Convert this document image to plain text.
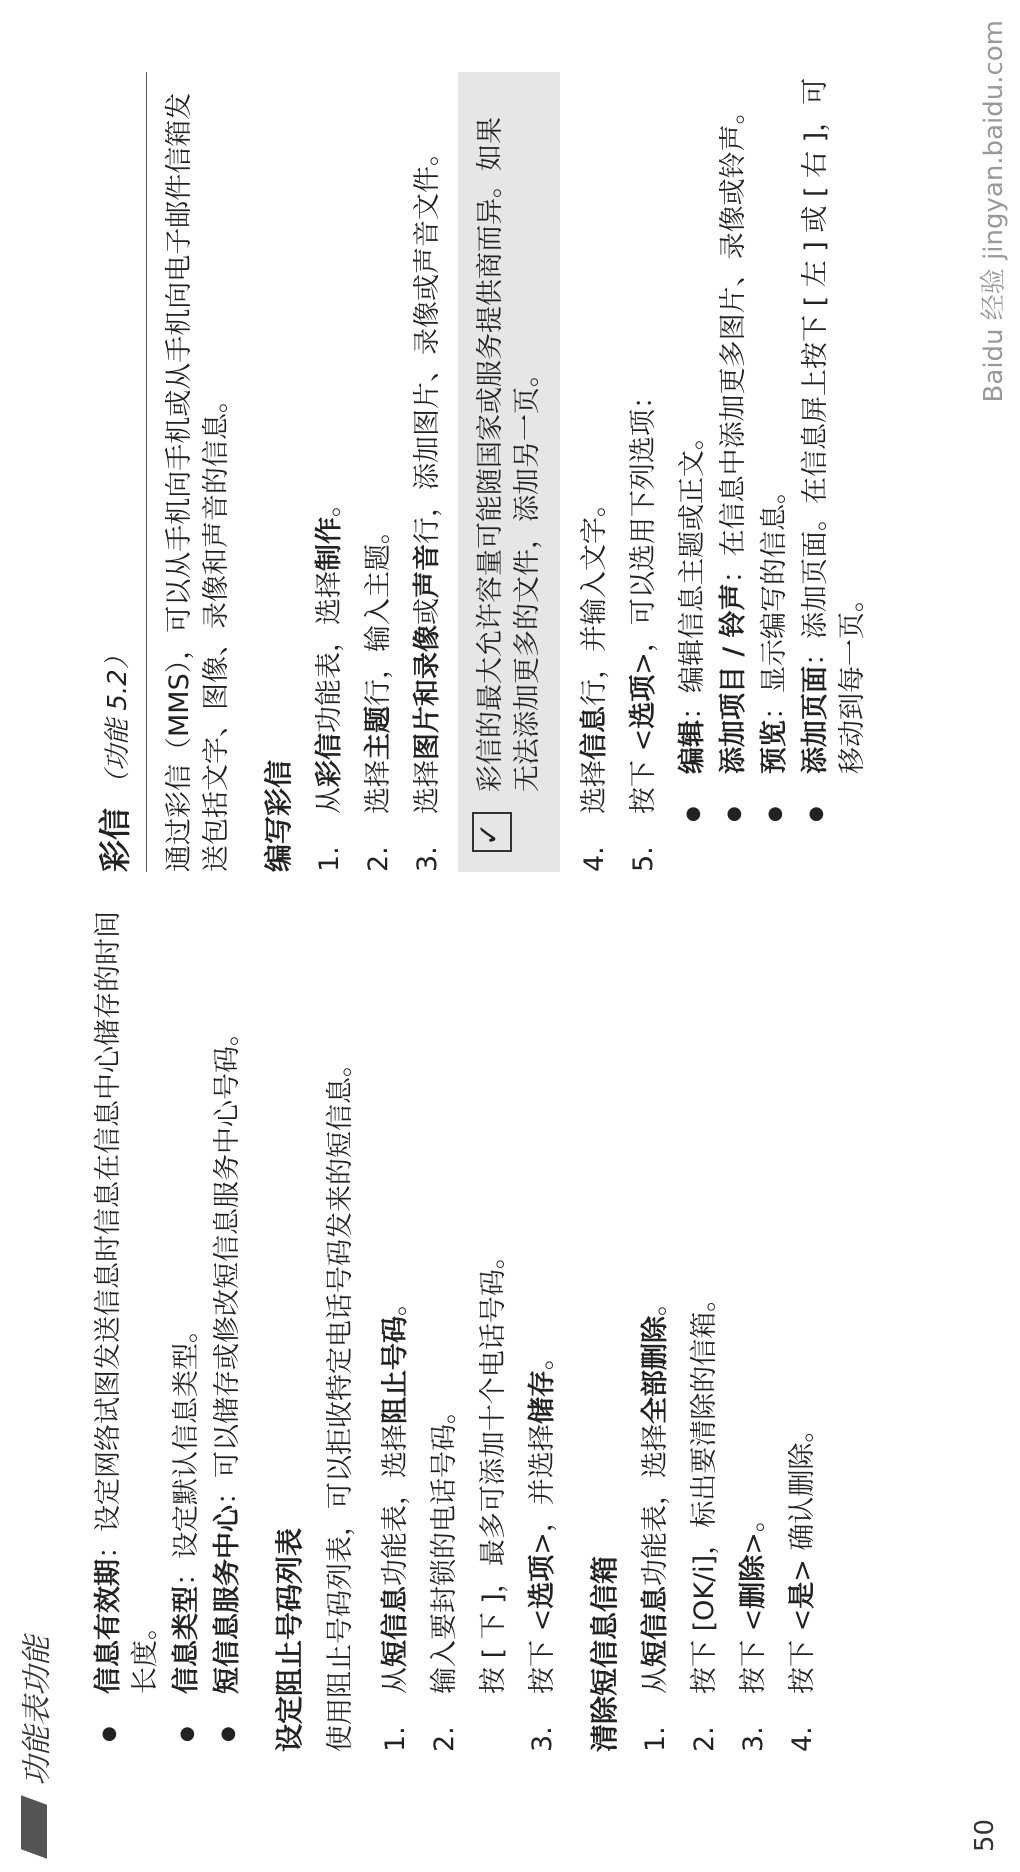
功能表功能
● 信息有效期：设定网络试图发送信息时信息在信息中心储存的时间长度。 ● 信息类型：设定默认信息类型。
● 短信息服务中心：可以储存或修改短信息服务中心号码。
设定阻止号码列表 使用阻止号码列表，可以拒收特定电话号码发来的短信息。 1.
从短信息功能表，选择阻止号码。
2.
输入要封锁的电话号码。 按 [ 下 ]，最多可添加十个电话号码。
3.
按下 <选项>，并选择储存。
清除短信息信箱 1.
从短信息功能表，选择全部删除。
2.
按下 [OK/i]，标出要清除的信箱。
3.
按下 <删除>。
4.
按下 <是> 确认删除。
彩信 （功能 5.2） 通过彩信（MMS），可以从手机向手机或从手机向电子邮件信箱发送包括文字、图像、录像和声音的信息。 编写彩信 1.
从彩信功能表，选择制作。
2.
选择主题行，输入主题。
3.
选择图片和录像或声音行，添加图片、录像或声音文件。
✓ 彩信的最大允许容量可能随国家或服务提供商而异。如果无法添加更多的文件，添加另一页。
4.
选择信息行，并输入文字。
5.
按下 <选项>，可以选用下列选项：
● 编辑：编辑信息主题或正文。 ● 添加项目 / 铃声：在信息中添加更多图片、录像或铃声。
● 预览：显示编写的信息。 ● 添加页面：添加页面。在信息屏上按下 [ 左 ] 或 [ 右 ]，可移动到每一页。
50
Baidu 经验 jingyan.baidu.com
